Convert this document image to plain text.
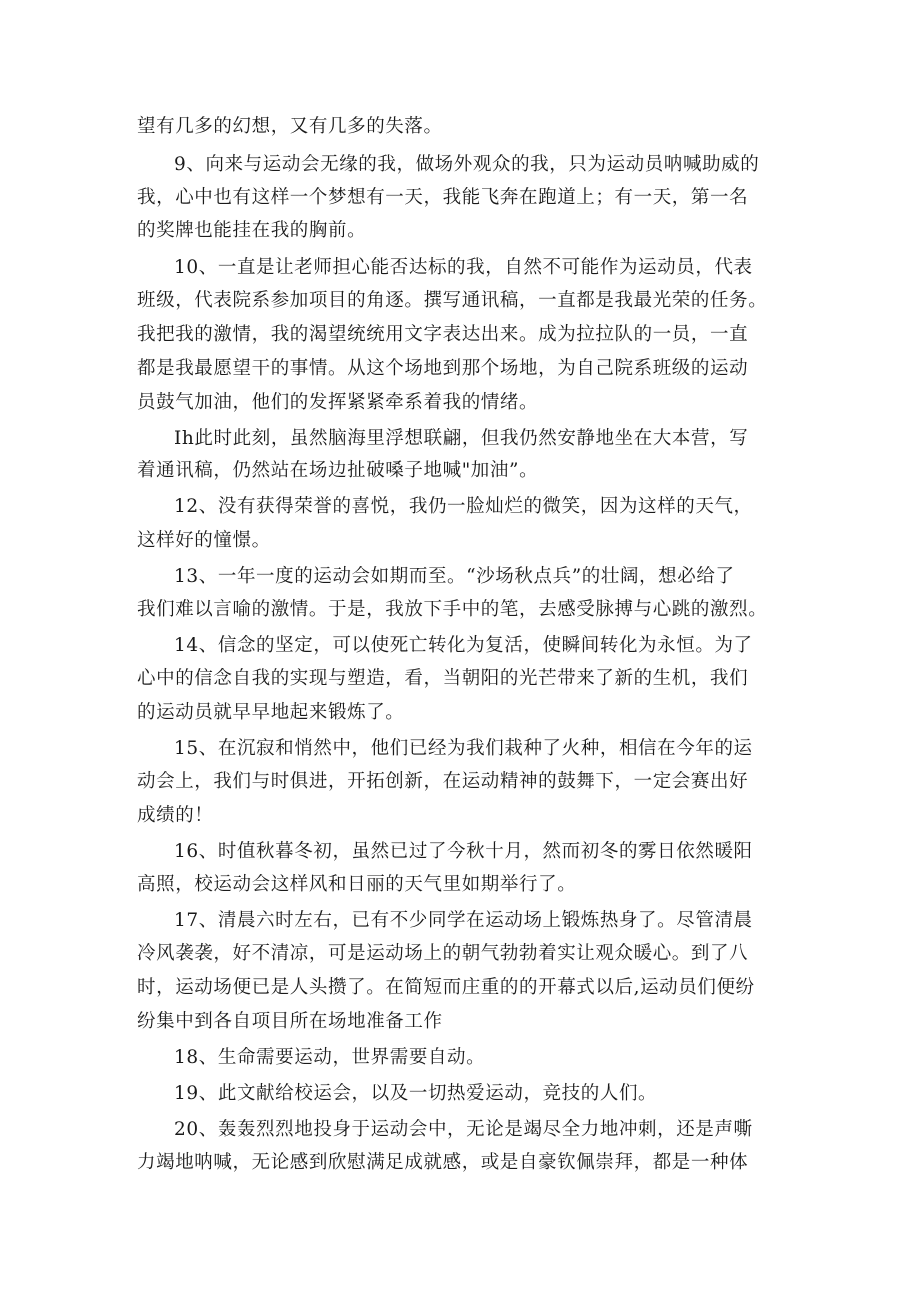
望有几多的幻想，又有几多的失落。
9、向来与运动会无缘的我，做场外观众的我，只为运动员呐喊助威的
我，心中也有这样一个梦想有一天，我能飞奔在跑道上；有一天，第一名
的奖牌也能挂在我的胸前。
10、一直是让老师担心能否达标的我，自然不可能作为运动员，代表
班级，代表院系参加项目的角逐。撰写通讯稿，一直都是我最光荣的任务。
我把我的激情，我的渴望统统用文字表达出来。成为拉拉队的一员，一直
都是我最愿望干的事情。从这个场地到那个场地，为自己院系班级的运动
员鼓气加油，他们的发挥紧紧牵系着我的情绪。
Ih此时此刻，虽然脑海里浮想联翩，但我仍然安静地坐在大本营，写
着通讯稿，仍然站在场边扯破嗓子地喊"加油”。
12、没有获得荣誉的喜悦，我仍一脸灿烂的微笑，因为这样的天气，
这样好的憧憬。
13、一年一度的运动会如期而至。“沙场秋点兵”的壮阔，想必给了
我们难以言喻的激情。于是，我放下手中的笔，去感受脉搏与心跳的激烈。
14、信念的坚定，可以使死亡转化为复活，使瞬间转化为永恒。为了
心中的信念自我的实现与塑造，看，当朝阳的光芒带来了新的生机，我们
的运动员就早早地起来锻炼了。
15、在沉寂和悄然中，他们已经为我们栽种了火种，相信在今年的运
动会上，我们与时俱进，开拓创新，在运动精神的鼓舞下，一定会赛出好
成绩的！
16、时值秋暮冬初，虽然已过了今秋十月，然而初冬的雾日依然暖阳
高照，校运动会这样风和日丽的天气里如期举行了。
17、清晨六时左右，已有不少同学在运动场上锻炼热身了。尽管清晨
冷风袭袭，好不清凉，可是运动场上的朝气勃勃着实让观众暖心。到了八
时，运动场便已是人头攒了。在简短而庄重的的开幕式以后,运动员们便纷
纷集中到各自项目所在场地准备工作
18、生命需要运动，世界需要自动。
19、此文献给校运会，以及一切热爱运动，竞技的人们。
20、轰轰烈烈地投身于运动会中，无论是竭尽全力地冲刺，还是声嘶
力竭地呐喊，无论感到欣慰满足成就感，或是自豪钦佩崇拜，都是一种体
